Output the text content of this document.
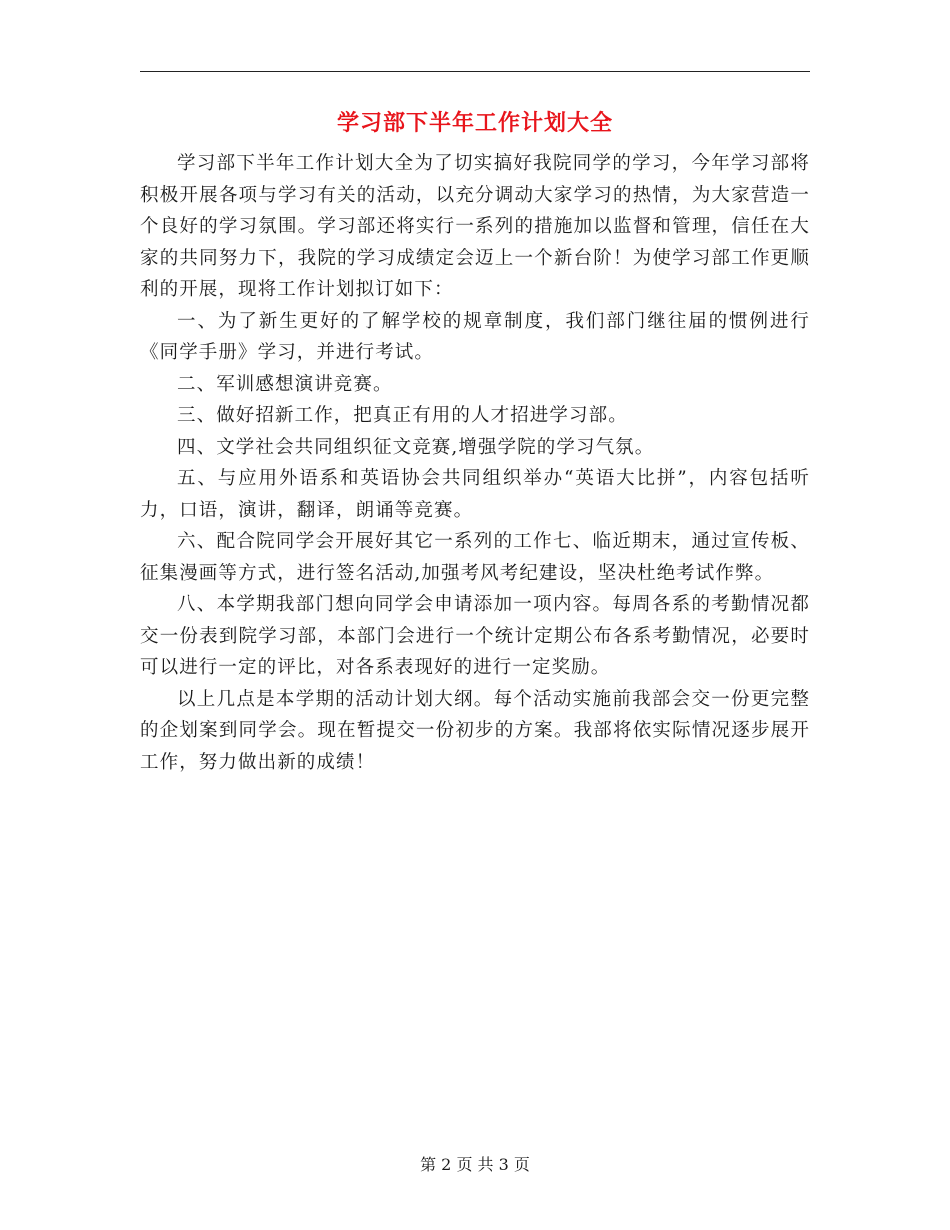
学习部下半年工作计划大全

学习部下半年工作计划大全为了切实搞好我院同学的学习，今年学习部将积极开展各项与学习有关的活动，以充分调动大家学习的热情，为大家营造一个良好的学习氛围。学习部还将实行一系列的措施加以监督和管理，信任在大家的共同努力下，我院的学习成绩定会迈上一个新台阶！为使学习部工作更顺利的开展，现将工作计划拟订如下：

一、为了新生更好的了解学校的规章制度，我们部门继往届的惯例进行《同学手册》学习，并进行考试。

二、军训感想演讲竞赛。

三、做好招新工作，把真正有用的人才招进学习部。

四、文学社会共同组织征文竞赛,增强学院的学习气氛。

五、与应用外语系和英语协会共同组织举办“英语大比拼”，内容包括听力，口语，演讲，翻译，朗诵等竞赛。

六、配合院同学会开展好其它一系列的工作七、临近期末，通过宣传板、征集漫画等方式，进行签名活动,加强考风考纪建设，坚决杜绝考试作弊。

八、本学期我部门想向同学会申请添加一项内容。每周各系的考勤情况都交一份表到院学习部，本部门会进行一个统计定期公布各系考勤情况，必要时可以进行一定的评比，对各系表现好的进行一定奖励。

以上几点是本学期的活动计划大纲。每个活动实施前我部会交一份更完整的企划案到同学会。现在暂提交一份初步的方案。我部将依实际情况逐步展开工作，努力做出新的成绩！

第 2 页 共 3 页
